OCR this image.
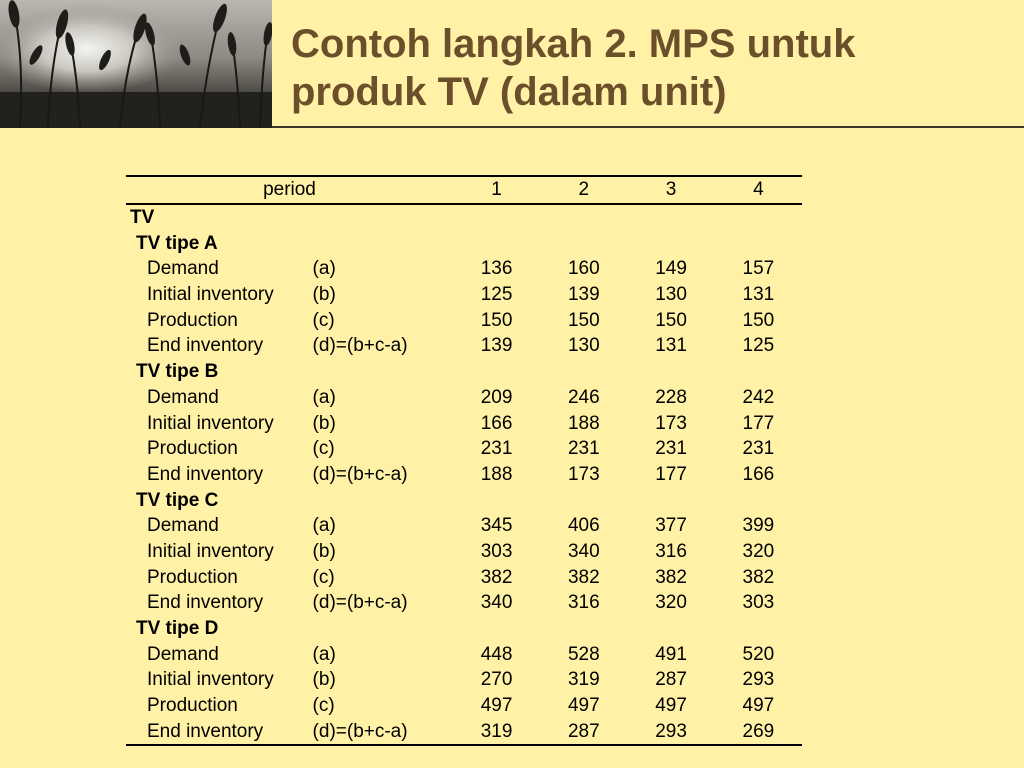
Contoh langkah 2. MPS untuk
produk TV (dalam unit)
period		1	2	3	4
TV					
TV tipe A					
Demand	(a)	136	160	149	157
Initial inventory	(b)	125	139	130	131
Production	(c)	150	150	150	150
End inventory	(d)=(b+c-a)	139	130	131	125
TV tipe B					
Demand	(a)	209	246	228	242
Initial inventory	(b)	166	188	173	177
Production	(c)	231	231	231	231
End inventory	(d)=(b+c-a)	188	173	177	166
TV tipe C					
Demand	(a)	345	406	377	399
Initial inventory	(b)	303	340	316	320
Production	(c)	382	382	382	382
End inventory	(d)=(b+c-a)	340	316	320	303
TV tipe D					
Demand	(a)	448	528	491	520
Initial inventory	(b)	270	319	287	293
Production	(c)	497	497	497	497
End inventory	(d)=(b+c-a)	319	287	293	269
